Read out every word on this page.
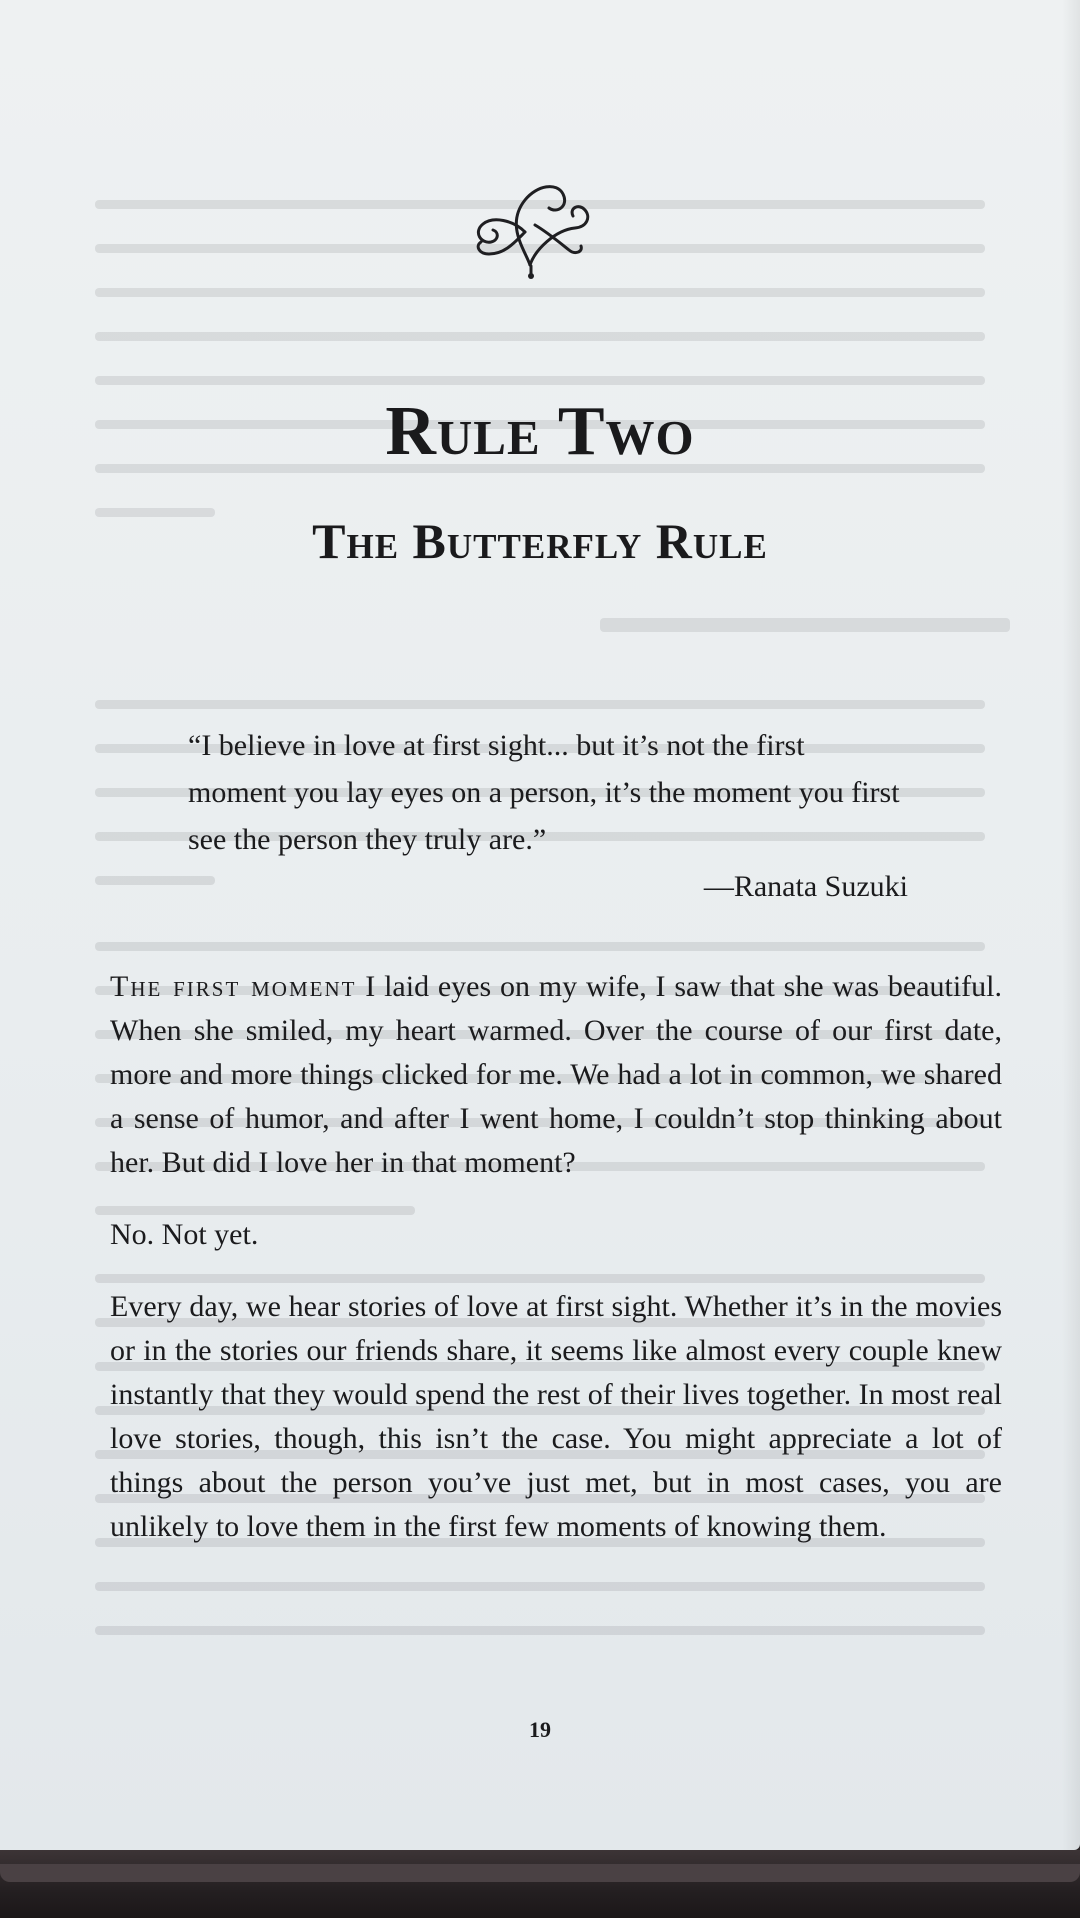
Rule Two
The Butterfly Rule

“I believe in love at first sight... but it’s not the first moment you lay eyes on a person, it’s the moment you first see the person they truly are.”

—Ranata Suzuki

The first moment I laid eyes on my wife, I saw that she was beautiful. When she smiled, my heart warmed. Over the course of our first date, more and more things clicked for me. We had a lot in common, we shared a sense of humor, and after I went home, I couldn’t stop thinking about her. But did I love her in that moment?

No. Not yet.

Every day, we hear stories of love at first sight. Whether it’s in the movies or in the stories our friends share, it seems like almost every couple knew instantly that they would spend the rest of their lives together. In most real love stories, though, this isn’t the case. You might appreciate a lot of things about the person you’ve just met, but in most cases, you are unlikely to love them in the first few moments of knowing them.

19
